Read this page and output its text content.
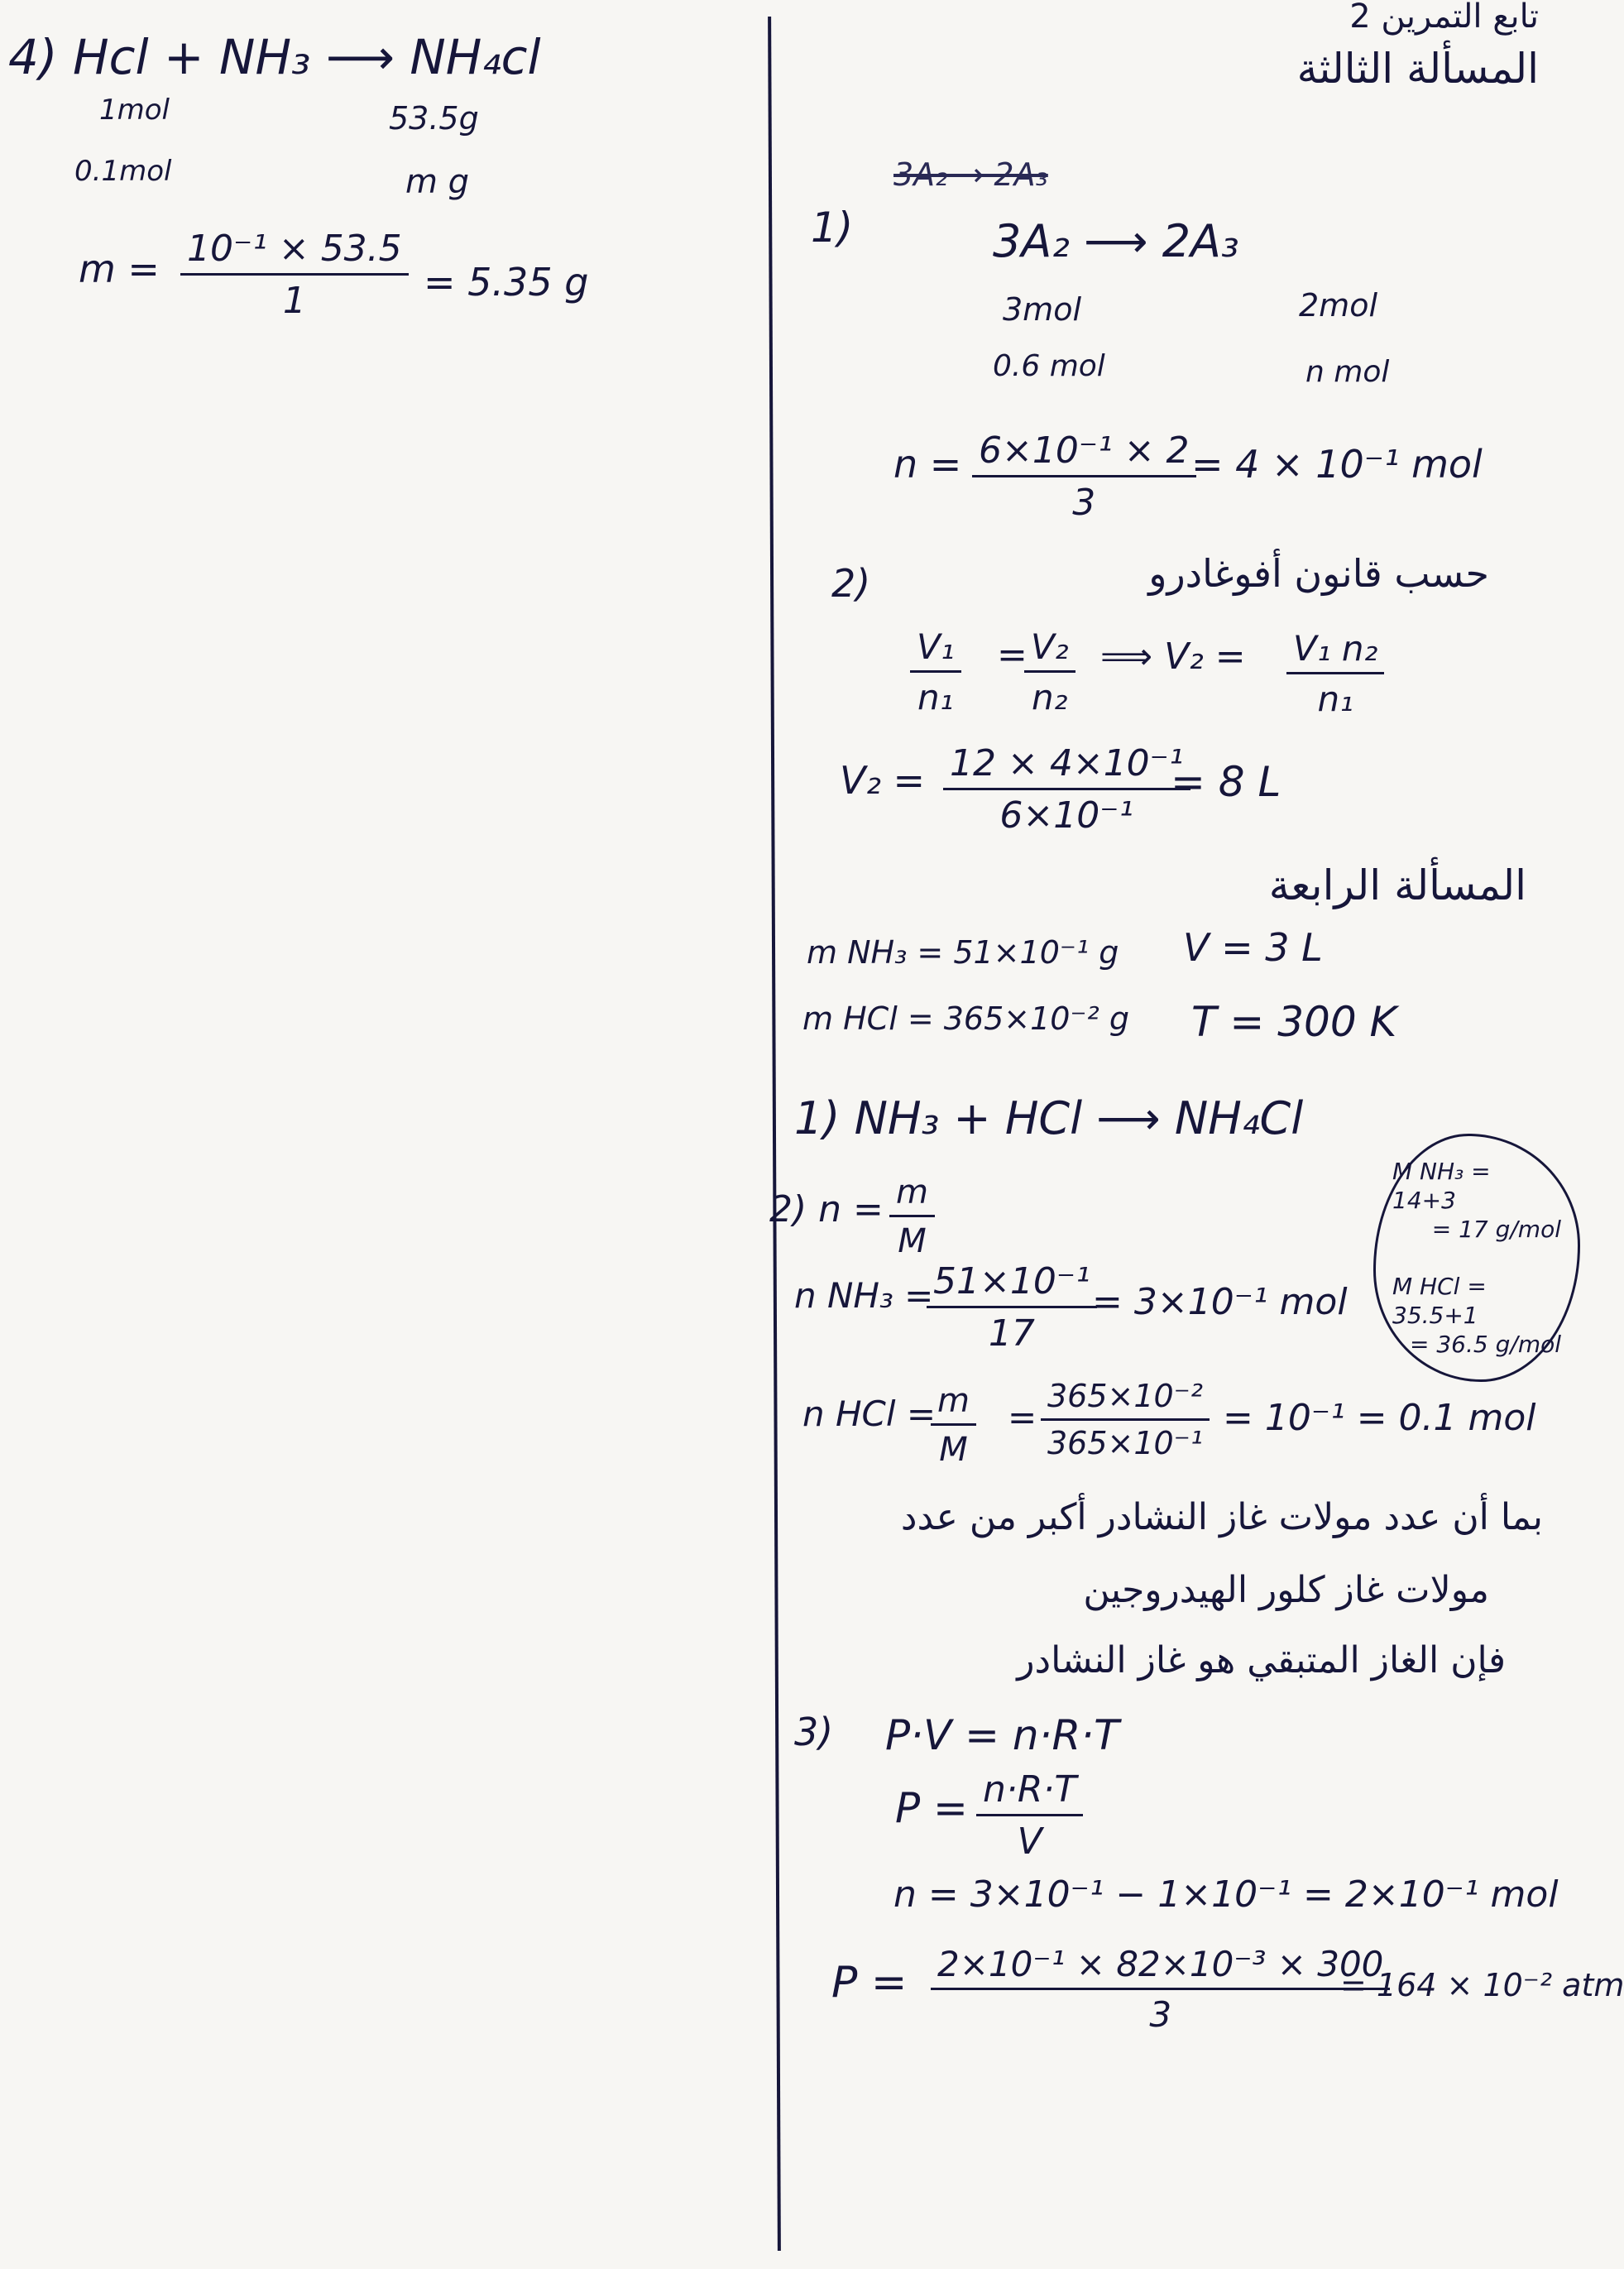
4) Hcl + NH₃ ⟶ NH₄cl
1mol	53.5g
0.1mol	m g
$m = \frac{\text{10⁻¹ × 53.5}}{1} = 5.35$ g
تابع التمرين 2
المسألة الثالثة
3A₂ → 2A₃
1)	3A₂ ⟶ 2A₃
3mol	2mol
0.6 mol	n mol
$n = \frac{\text{6×10⁻¹ × 2}}{3}$
= 4 × 10⁻¹ mol
2)	حسب قانون أفوغادرو
$\frac{\text{V₁}}{\text{n₁}}$ =
$\frac{\text{V₂}}{\text{n₂}}$ ⟹ $V_2 = \frac{\text{V₁ n₂}}{\text{n₁}}$
$V_2 = \frac{\text{12 × 4×10⁻¹}}{\text{6×10⁻¹}}$
= 8 L
المسألة الرابعة
m NH₃ = 51×10⁻¹ g V = 3 L
m HCl = 365×10⁻² g T = 300 K
1) NH₃ + HCl ⟶ NH₄Cl
2) $n = \frac{m}{M}$
n NH₃ =
$\frac{\text{51×10⁻¹}}{17}$
= 3×10⁻¹ mol
n HCl =
$\frac{m}{M} = \frac{\text{365×10⁻²}}{\text{365×10⁻¹}} = 10^{-1} = 0.1$ mol
M NH₃ = 14+3
= 17 g/mol
M HCl = 35.5+1
= 36.5 g/mol
بما أن عدد مولات غاز النشادر أكبر من عدد
مولات غاز كلور الهيدروجين
فإن الغاز المتبقي هو غاز النشادر
3) P·V = n·R·T
$P = \frac{n\cdot R\cdot T}{V}$
n = 3×10⁻¹ − 1×10⁻¹ = 2×10⁻¹ mol
$P = \frac{\text{2×10⁻¹ × 82×10⁻³ × 300}}{3}$
= 164 × 10⁻² atm
